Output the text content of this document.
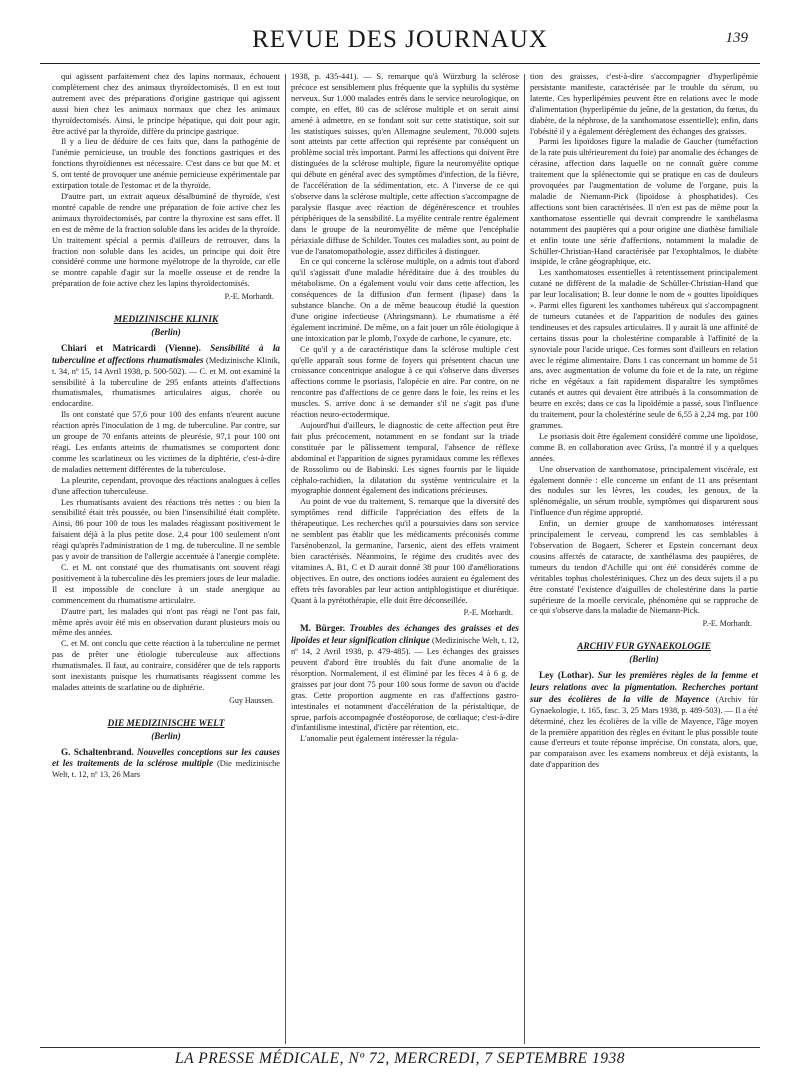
REVUE DES JOURNAUX	139

qui agissent parfaitement chez des lapins normaux, échouent complètement chez des animaux thyroïdectomisés. Il en est tout autrement avec des préparations d'origine gastrique qui agissent aussi bien chez les animaux normaux que chez les animaux thyroïdectomisés. Ainsi, le principe hépatique, qui doit pour agir, être activé par la thyroïde, diffère du principe gastrique.

Il y a lieu de déduire de ces faits que, dans la pathogénie de l'anémie pernicieuse, un trouble des fonctions gastriques et des fonctions thyroïdiennes est nécessaire. C'est dans ce but que M. et S. ont tenté de provoquer une anémie pernicieuse expérimentale par extirpation totale de l'estomac et de la thyroïde.

D'autre part, un extrait aqueux désalbuminé de thyroïde, s'est montré capable de rendre une préparation de foie active chez les animaux thyroïdectomisés, par contre la thyroxine est sans effet. Il en est de même de la fraction soluble dans les acides de la thyroïde. Un traitement spécial a permis d'ailleurs de retrouver, dans la fraction non soluble dans les acides, un principe qui doit être considéré comme une hormone myélotrope de la thyroïde, car elle se montre capable d'agir sur la moelle osseuse et de rendre la préparation de foie active chez les lapins thyroïdectomisés.

P.-E. Morhardt.
MEDIZINISCHE KLINIK
(Berlin)

Chiari et Matricardi (Vienne). Sensibilité à la tuberculine et affections rhumatismales (Medizinische Klinik, t. 34, nº 15, 14 Avril 1938, p. 500-502). — C. et M. ont examiné la sensibilité à la tuberculine de 295 enfants atteints d'affections rhumatismales, rhumatismes articulaires aigus, chorée ou endocardite.

Ils ont constaté que 57,6 pour 100 des enfants n'eurent aucune réaction après l'inoculation de 1 mg. de tuberculine. Par contre, sur un groupe de 70 enfants atteints de pleurésie, 97,1 pour 100 ont réagi. Les enfants atteints de rhumatismes se comportent donc comme les scarlatineux ou les victimes de la diphtérie, c'est-à-dire de maladies nettement différentes de la tuberculose.

La pleurite, cependant, provoque des réactions analogues à celles d'une affection tuberculeuse.

Les rhumatisants avaient des réactions très nettes : ou bien la sensibilité était très poussée, ou bien l'insensibilité était complète. Ainsi, 86 pour 100 de tous les malades réagissant positivement le faisaient déjà à la plus petite dose. 2,4 pour 100 seulement n'ont réagi qu'après l'administration de 1 mg. de tuberculine. Il ne semble pas y avoir de transition de l'allergie accentuée à l'anergie complète.

C. et M. ont constaté que des rhumatisants ont souvent réagi positivement à la tuberculine dès les premiers jours de leur maladie. Il est impossible de conclure à un stade anergique au commencement du rhumatisme articulaire.

D'autre part, les malades qui n'ont pas réagi ne l'ont pas fait, même après avoir été mis en observation durant plusieurs mois ou même des années.

C. et M. ont conclu que cette réaction à la tuberculine ne permet pas de prêter une étiologie tuberculeuse aux affections rhumatismales. Il faut, au contraire, considérer que de tels rapports sont inexistants puisque les rhumatisants réagissent comme les malades atteints de scarlatine ou de diphtérie.

Guy Haussen.
DIE MEDIZINISCHE WELT
(Berlin)

G. Schaltenbrand. Nouvelles conceptions sur les causes et les traitements de la sclérose multiple (Die medizinische Welt, t. 12, nº 13, 26 Mars

1938, p. 435-441). — S. remarque qu'à Würzburg la sclérose précoce est sensiblement plus fréquente que la syphilis du système nerveux. Sur 1.000 malades entrés dans le service neurologique, on compte, en effet, 80 cas de sclérose multiple et on serait ainsi amené à admettre, en se fondant soit sur cette statistique, soit sur les statistiques suisses, qu'en Allemagne seulement, 70.000 sujets sont atteints par cette affection qui représente par conséquent un problème social très important. Parmi les affections qui doivent être distinguées de la sclérose multiple, figure la neuromyélite optique qui débute en général avec des symptômes d'infection, de la fièvre, de l'accélération de la sédimentation, etc. A l'inverse de ce qui s'observe dans la sclérose multiple, cette affection s'accompagne de paralysie flasque avec réaction de dégénérescence et troubles périphériques de la sensibilité. La myélite centrale rentre également dans le groupe de la neuromyélite de même que l'encéphalie périaxiale diffuse de Schilder. Toutes ces maladies sont, au point de vue de l'anatomopathologie, assez difficiles à distinguer.

En ce qui concerne la sclérose multiple, on a admis tout d'abord qu'il s'agissait d'une maladie héréditaire due à des troubles du métabolisme. On a également voulu voir dans cette affection, les conséquences de la diffusion d'un ferment (lipase) dans la substance blanche. On a de même beaucoup étudié la question d'une origine infectieuse (Ahringsmann). Le rhumatisme a été également incriminé. De même, on a fait jouer un rôle étiologique à une intoxication par le plomb, l'oxyde de carbone, le cyanure, etc.

Ce qu'il y a de caractéristique dans la sclérose multiple c'est qu'elle apparaît sous forme de foyers qui présentent chacun une croissance concentrique analogue à ce qui s'observe dans diverses affections comme le psoriasis, l'alopécie en aire. Par contre, on ne rencontre pas d'affections de ce genre dans le foie, les reins et les muscles. S. arrive donc à se demander s'il ne s'agit pas d'une réaction neuro-ectodermique.

Aujourd'hui d'ailleurs, le diagnostic de cette affection peut être fait plus précocement, notamment en se fondant sur la triade constituée par le pâlissement temporal, l'absence de réflexe abdominal et l'apparition de signes pyramidaux comme les réflexes de Rossolimo ou de Babinski. Les signes fournis par le liquide céphalo-rachidien, la dilatation du système ventriculaire et la myographie donnent également des indications précieuses.

Au point de vue du traitement, S. remarque que la diversité des symptômes rend difficile l'appréciation des effets de la thérapeutique. Les recherches qu'il a poursuivies dans son service ne semblent pas établir que les médicaments préconisés comme l'arsénobenzol, la germanine, l'arsenic, aient des effets vraiment bien caractérisés. Néanmoins, le régime des crudités avec des vitamines A, B1, C et D aurait donné 38 pour 100 d'améliorations objectives. En outre, des onctions iodées auraient eu également des effets très favorables par leur action antiphlogistique et diurétique. Quant à la pyrétothérapie, elle doit être déconseillée.

P.-E. Morhardt.

M. Bürger. Troubles des échanges des graisses et des lipoïdes et leur signification clinique (Medizinische Welt, t. 12, nº 14, 2 Avril 1938, p. 479-485). — Les échanges des graisses peuvent d'abord être troublés du fait d'une anomalie de la résorption. Normalement, il est éliminé par les fèces 4 à 6 g. de graisses par jour dont 75 pour 100 sous forme de savon ou d'acide gras. Cette proportion augmente en cas d'affections gastro-intestinales et notamment d'accélération de la péristaltique, de sprue, parfois accompagnée d'ostéoporose, de cœliaque; c'est-à-dire d'infantilisme intestinal, d'ictère par rétention, etc.

L'anomalie peut également intéresser la régula-

tion des graisses, c'est-à-dire s'accompagner d'hyperlipémie persistante manifeste, caractérisée par le trouble du sérum, ou latente. Ces hyperlipémies peuvent être en relations avec le mode d'alimentation (hyperlipémie du jeûne, de la gestation, du fœtus, du diabète, de la néphrose, de la xanthomatose essentielle); enfin, dans l'obésité il y a également dérèglement des échanges des graisses.

Parmi les lipoïdoses figure la maladie de Gaucher (tuméfaction de la rate puis ultérieurement du foie) par anomalie des échanges de cérasine, affection dans laquelle on ne connaît guère comme traitement que la splénectomie qui se pratique en cas de douleurs provoquées par l'augmentation de volume de l'organe, puis la maladie de Niemann-Pick (lipoïdose à phosphatides). Ces affections sont bien caractérisées. Il n'en est pas de même pour la xanthomatose essentielle qui devrait comprendre le xanthélasma notamment des paupières qui a pour origine une diathèse familiale et enfin toute une série d'affections, notamment la maladie de Schüller-Christian-Hand caractérisée par l'exophtalmos, le diabète insipide, le crâne géographique, etc.

Les xanthomatoses essentielles à retentissement principalement cutané ne diffèrent de la maladie de Schüller-Christian-Hand que par leur localisation; B. leur donne le nom de « gouttes lipoïdiques ». Parmi elles figurent les xanthomes tubéreux qui s'accompagnent de tumeurs cutanées et de l'apparition de nodules des gaines tendineuses et des capsules articulaires. Il y aurait là une affinité de certains tissus pour la cholestérine comparable à l'affinité de la synoviale pour l'acide urique. Ces formes sont d'ailleurs en relation avec le régime alimentaire. Dans 1 cas concernant un homme de 51 ans, avec augmentation de volume du foie et de la rate, un régime riche en végétaux a fait rapidement disparaître les symptômes cutanés et autres qui devaient être attribués à la consommation de beurre en excès; dans ce cas la lipoïdémie a passé, sous l'influence du traitement, pour la cholestérine seule de 6,55 à 2,24 mg. par 100 grammes.

Le psoriasis doit être également considéré comme une lipoïdose, comme B. en collaboration avec Grüss, l'a montré il y a quelques années.

Une observation de xanthomatose, principalement viscérale, est également donnée : elle concerne un enfant de 11 ans présentant des nodules sur les lèvres, les coudes, les genoux, de la splénomégalie, un sérum trouble, symptômes qui disparurent sous l'influence d'un régime approprié.

Enfin, un dernier groupe de xanthomatoses intéressant principalement le cerveau, comprend les cas semblables à l'observation de Bogaert, Scherer et Epstein concernant deux cousins affectés de cataracte, de xanthélasma des paupières, de tumeurs du tendon d'Achille qui ont été considérés comme de véritables tophus cholestériniques. Chez un des deux sujets il a pu être constaté l'existence d'aiguilles de cholestérine dans la partie supérieure de la moelle cervicale, phénomène qui se rapproche de ce qui s'observe dans la maladie de Niemann-Pick.

P.-E. Morhardt.
ARCHIV FUR GYNAEKOLOGIE
(Berlin)

Ley (Lothar). Sur les premières règles de la femme et leurs relations avec la pigmentation. Recherches portant sur des écolières de la ville de Mayence (Archiv für Gynaekologie, t. 165, fasc. 3, 25 Mars 1938, p. 489-503). — Il a été déterminé, chez les écolières de la ville de Mayence, l'âge moyen de la première apparition des règles en évitant le plus possible toute cause d'erreurs et toute réponse imprécise. On constata, alors, que, par comparaison avec les examens nombreux et déjà existants, la date d'apparition des

LA PRESSE MÉDICALE, Nº 72, MERCREDI, 7 SEPTEMBRE 1938
